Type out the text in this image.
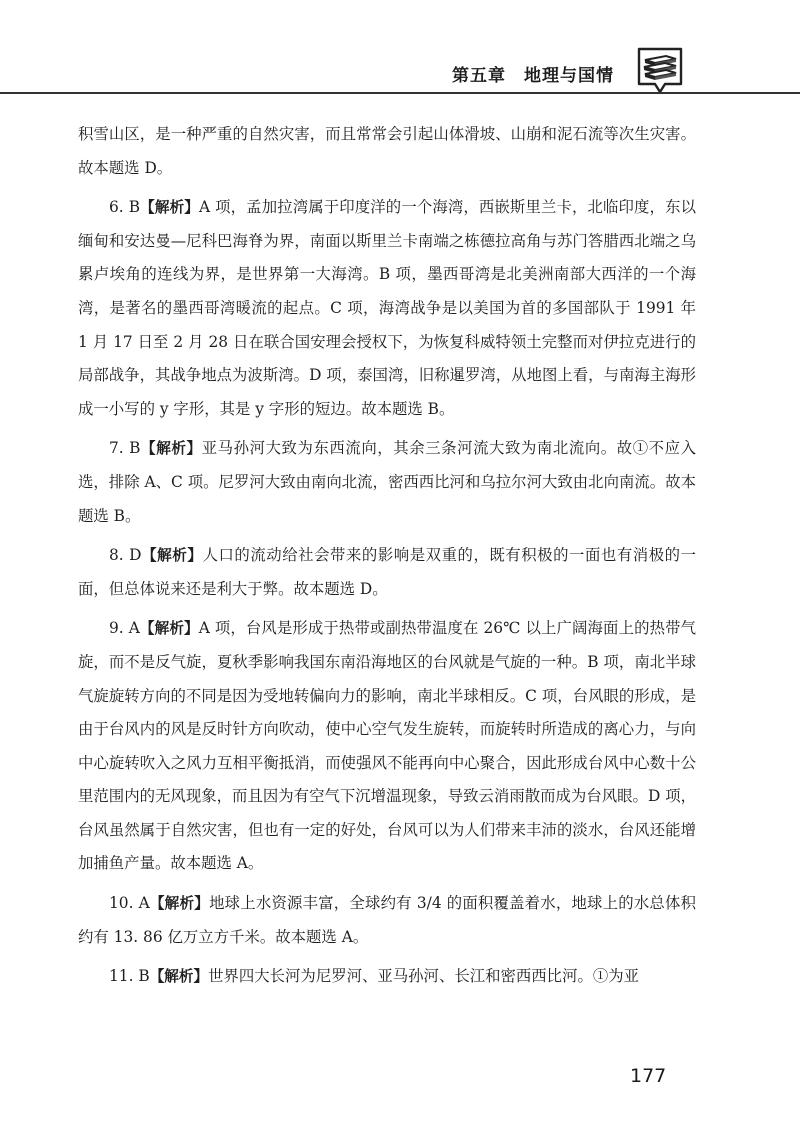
第五章 地理与国情

积雪山区，是一种严重的自然灾害，而且常常会引起山体滑坡、山崩和泥石流等次生灾害。故本题选 D。

6. B【解析】A 项，孟加拉湾属于印度洋的一个海湾，西嵌斯里兰卡，北临印度，东以缅甸和安达曼—尼科巴海脊为界，南面以斯里兰卡南端之栋德拉高角与苏门答腊西北端之乌累卢埃角的连线为界，是世界第一大海湾。B 项，墨西哥湾是北美洲南部大西洋的一个海湾，是著名的墨西哥湾暖流的起点。C 项，海湾战争是以美国为首的多国部队于 1991 年 1 月 17 日至 2 月 28 日在联合国安理会授权下，为恢复科威特领土完整而对伊拉克进行的局部战争，其战争地点为波斯湾。D 项，泰国湾，旧称暹罗湾，从地图上看，与南海主海形成一小写的 y 字形，其是 y 字形的短边。故本题选 B。

7. B【解析】亚马孙河大致为东西流向，其余三条河流大致为南北流向。故①不应入选，排除 A、C 项。尼罗河大致由南向北流，密西西比河和乌拉尔河大致由北向南流。故本题选 B。

8. D【解析】人口的流动给社会带来的影响是双重的，既有积极的一面也有消极的一面，但总体说来还是利大于弊。故本题选 D。

9. A【解析】A 项，台风是形成于热带或副热带温度在 26℃ 以上广阔海面上的热带气旋，而不是反气旋，夏秋季影响我国东南沿海地区的台风就是气旋的一种。B 项，南北半球气旋旋转方向的不同是因为受地转偏向力的影响，南北半球相反。C 项，台风眼的形成，是由于台风内的风是反时针方向吹动，使中心空气发生旋转，而旋转时所造成的离心力，与向中心旋转吹入之风力互相平衡抵消，而使强风不能再向中心聚合，因此形成台风中心数十公里范围内的无风现象，而且因为有空气下沉增温现象，导致云消雨散而成为台风眼。D 项，台风虽然属于自然灾害，但也有一定的好处，台风可以为人们带来丰沛的淡水，台风还能增加捕鱼产量。故本题选 A。

10. A【解析】地球上水资源丰富，全球约有 3/4 的面积覆盖着水，地球上的水总体积约有 13. 86 亿万立方千米。故本题选 A。

11. B【解析】世界四大长河为尼罗河、亚马孙河、长江和密西西比河。①为亚

177
